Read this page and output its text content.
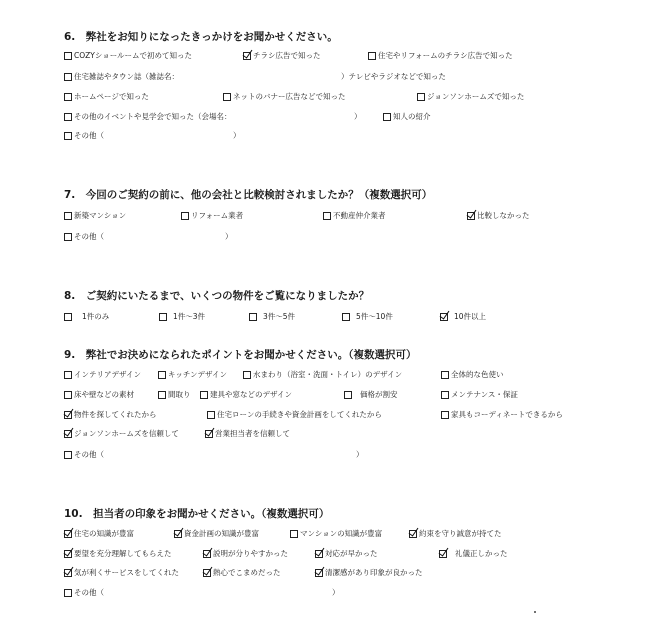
6.　弊社をお知りになったきっかけをお聞かせください。
COZYショールームで初めて知った	チラシ広告で知った	住宅やリフォームのチラシ広告で知った
住宅雑誌やタウン誌（雑誌名：	）テレビやラジオなどで知った
ホームページで知った	ネットのバナー広告などで知った	ジョンソンホームズで知った
その他のイベントや見学会で知った（会場名：	）	知人の紹介
その他（	）
7.　今回のご契約の前に、他の会社と比較検討されましたか？（複数選択可）
新築マンション	リフォーム業者	不動産仲介業者	比較しなかった
その他（	）
8.　ご契約にいたるまで、いくつの物件をご覧になりましたか？
1件のみ	1件〜3件	3件〜5件	5件〜10件	10件以上
9.　弊社でお決めになられたポイントをお聞かせください。（複数選択可）
インテリアデザイン	キッチンデザイン	水まわり（浴室・洗面・トイレ）のデザイン	全体的な色使い
床や壁などの素材	間取り	建具や窓などのデザイン	価格が割安	メンテナンス・保証
物件を探してくれたから	住宅ローンの手続きや資金計画をしてくれたから	家具もコーディネートできるから
ジョンソンホームズを信頼して	営業担当者を信頼して
その他（	）
10.　担当者の印象をお聞かせください。（複数選択可）
住宅の知識が豊富	資金計画の知識が豊富	マンションの知識が豊富	約束を守り誠意が持てた
要望を充分理解してもらえた	説明が分りやすかった	対応が早かった	礼儀正しかった
気が利くサービスをしてくれた	熱心でこまめだった	清潔感があり印象が良かった
その他（	）
